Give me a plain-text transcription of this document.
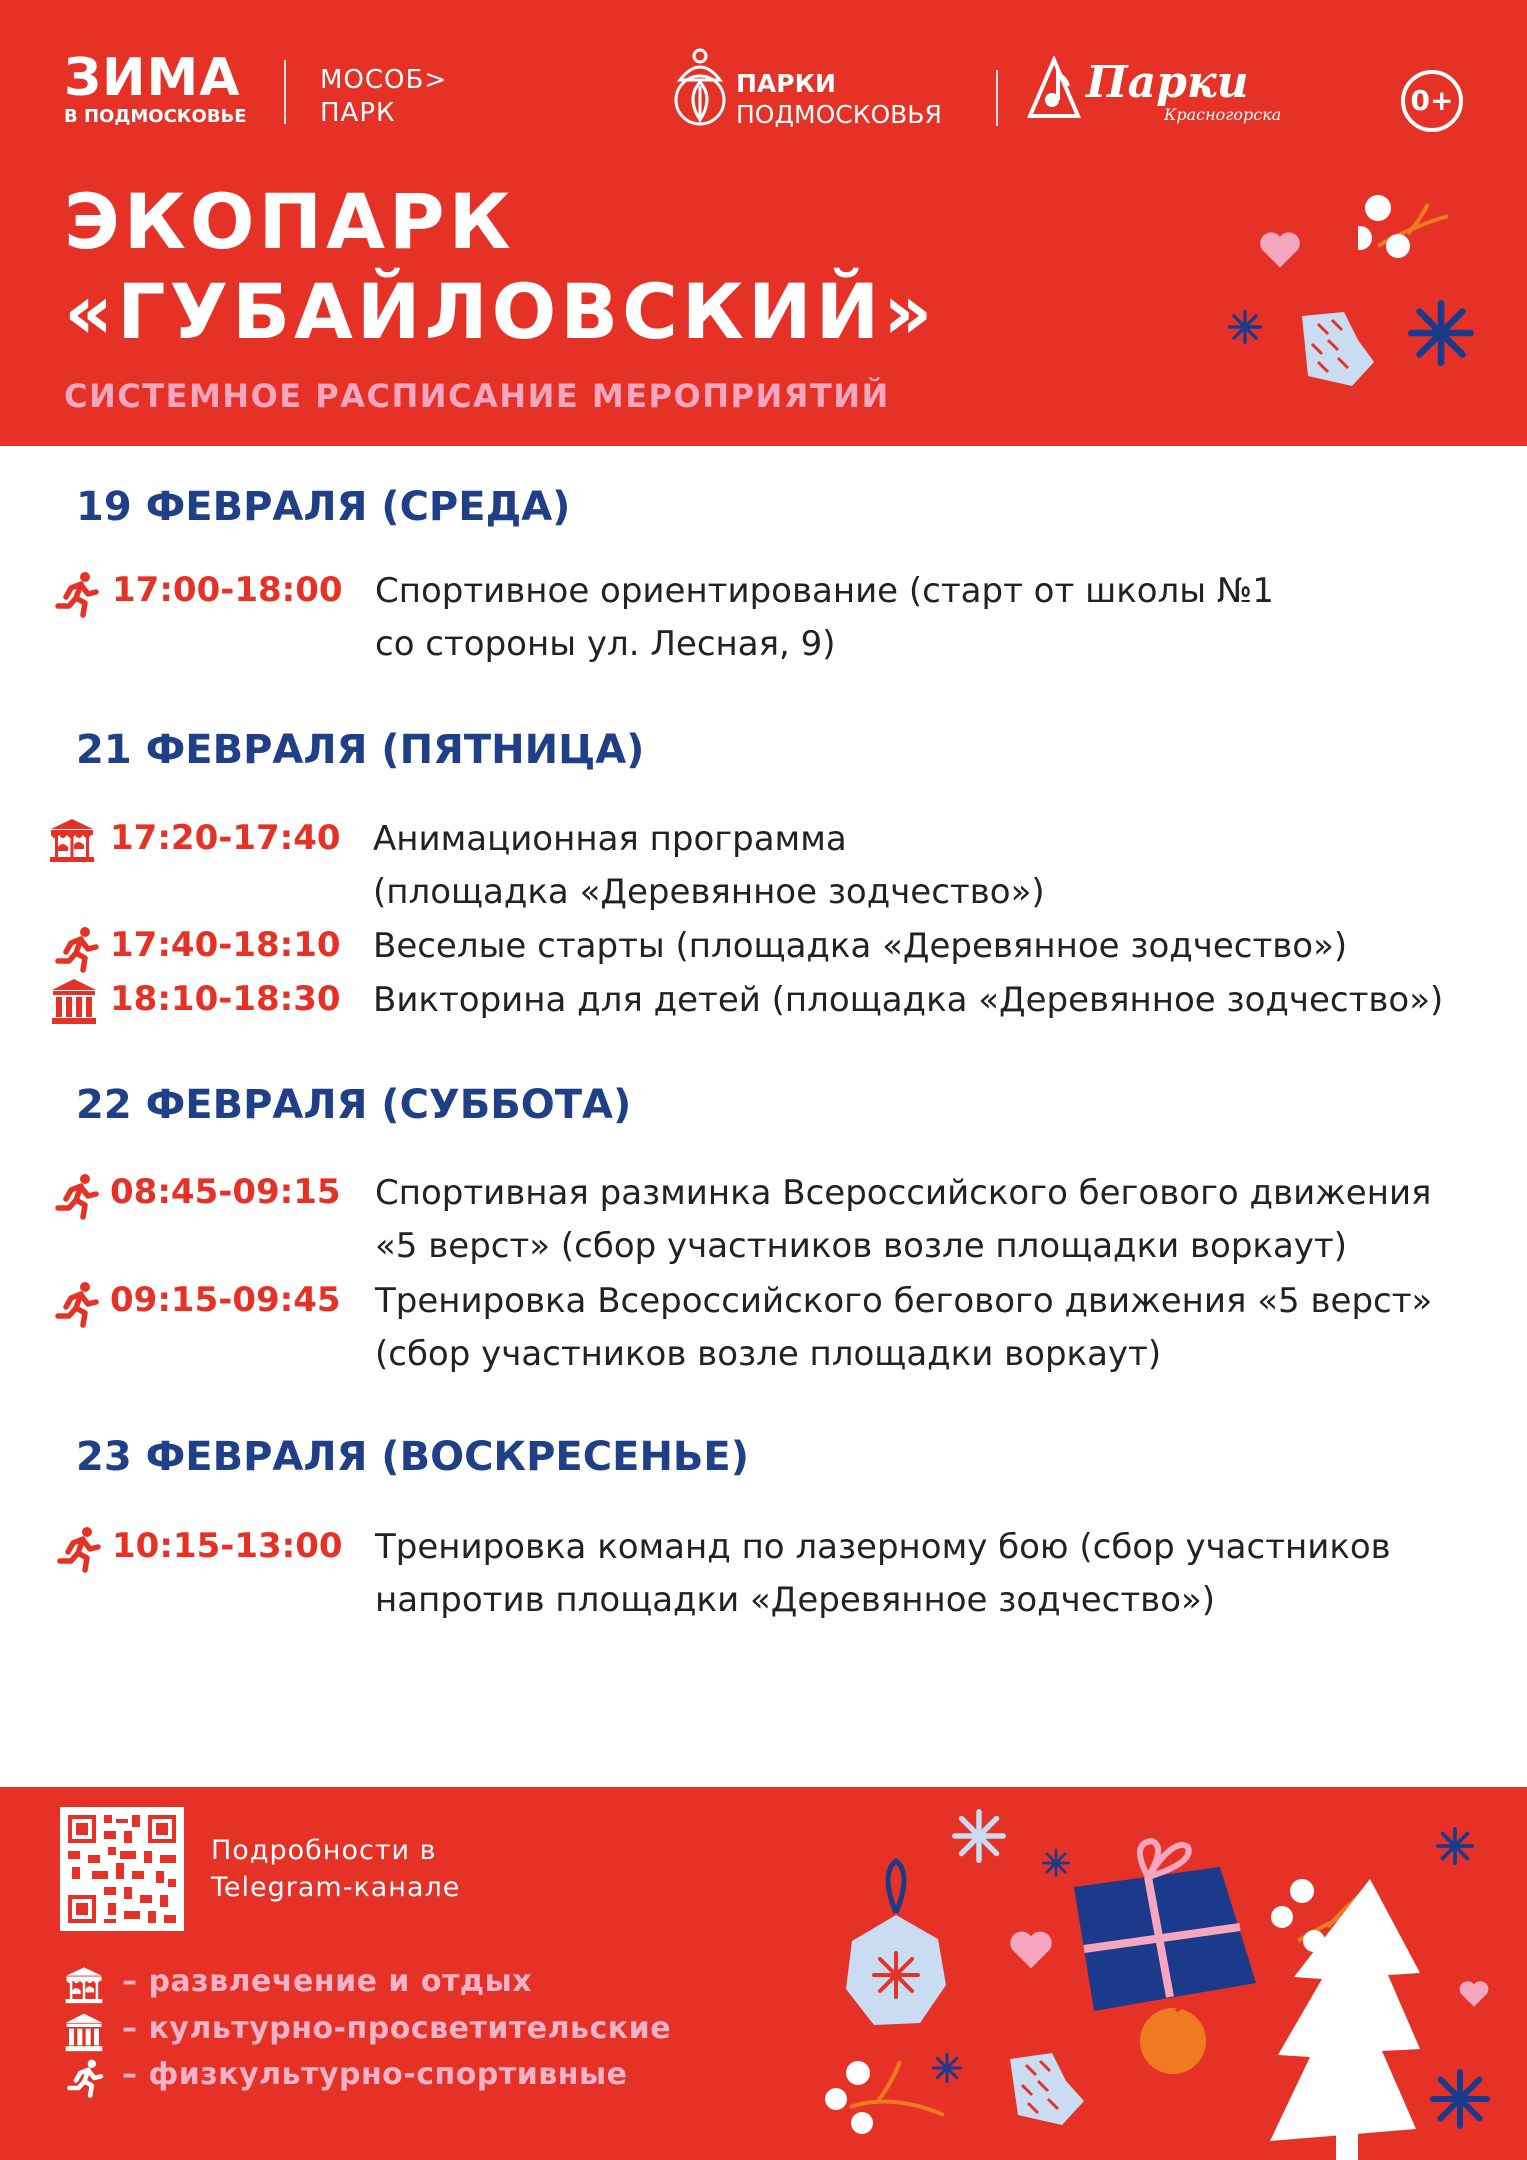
ЗИМА
В ПОДМОСКОВЬЕ
МОСОБ>
ПАРК
ПАРКИ
ПОДМОСКОВЬЯ
Парки
Красногорска	0+
ЭКОПАРК
«ГУБАЙЛОВСКИЙ»
СИСТЕМНОЕ РАСПИСАНИЕ МЕРОПРИЯТИЙ
19 ФЕВРАЛЯ (СРЕДА)
17:00-18:00 Спортивное ориентирование (старт от школы №1
со стороны ул. Лесная, 9)
21 ФЕВРАЛЯ (ПЯТНИЦА)
17:20-17:40 Анимационная программа
(площадка «Деревянное зодчество»)
17:40-18:10 Веселые старты (площадка «Деревянное зодчество»)
18:10-18:30 Викторина для детей (площадка «Деревянное зодчество»)
22 ФЕВРАЛЯ (СУББОТА)
08:45-09:15 Спортивная разминка Всероссийского бегового движения
«5 верст» (сбор участников возле площадки воркаут)
09:15-09:45 Тренировка Всероссийского бегового движения «5 верст»
(сбор участников возле площадки воркаут)
23 ФЕВРАЛЯ (ВОСКРЕСЕНЬЕ)
10:15-13:00 Тренировка команд по лазерному бою (сбор участников
напротив площадки «Деревянное зодчество»)
Подробности в
Telegram-канале
– развлечение и отдых
– культурно-просветительские
– физкультурно-спортивные
